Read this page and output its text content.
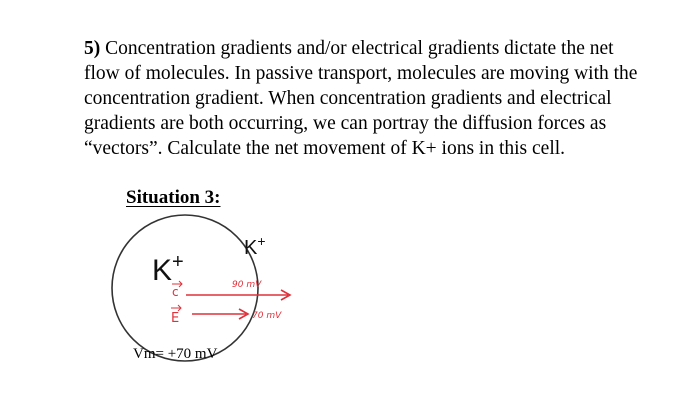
5) Concentration gradients and/or electrical gradients dictate the net flow of molecules. In passive transport, molecules are moving with the concentration gradient. When concentration gradients and electrical gradients are both occurring, we can portray the diffusion forces as “vectors”. Calculate the net movement of K+ ions in this cell.
Situation 3:
K+
K+
c	90 mV
E	70 mV
Vm= +70 mV
